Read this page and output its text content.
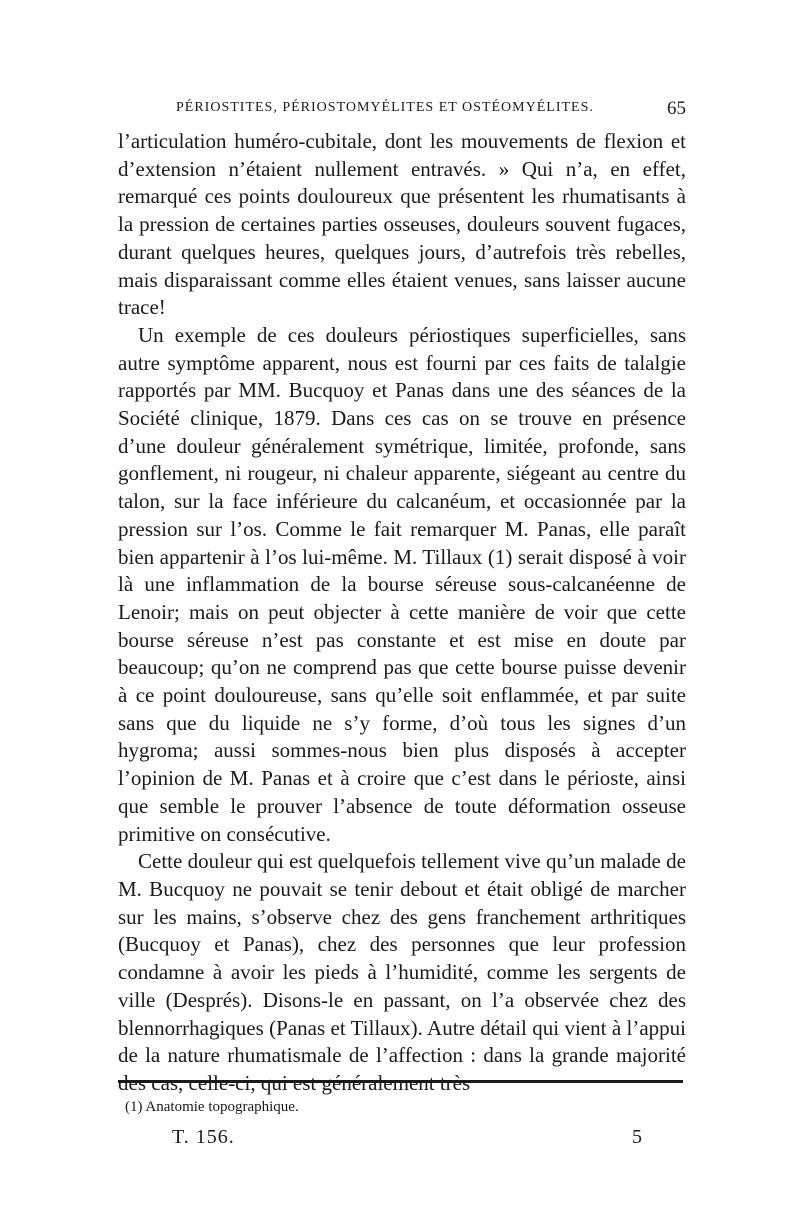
PÉRIOSTITES, PÉRIOSTOMYÉLITES ET OSTÉOMYÉLITES.	65

l’articulation huméro-cubitale, dont les mouvements de flexion et d’extension n’étaient nullement entravés. » Qui n’a, en effet, remarqué ces points douloureux que présentent les rhumatisants à la pression de certaines parties osseuses, douleurs souvent fugaces, durant quelques heures, quelques jours, d’autrefois très rebelles, mais disparaissant comme elles étaient venues, sans laisser aucune trace!

Un exemple de ces douleurs périostiques superficielles, sans autre symptôme apparent, nous est fourni par ces faits de talalgie rapportés par MM. Bucquoy et Panas dans une des séances de la Société clinique, 1879. Dans ces cas on se trouve en présence d’une douleur généralement symétrique, limitée, profonde, sans gonflement, ni rougeur, ni chaleur apparente, siégeant au centre du talon, sur la face inférieure du calcanéum, et occasionnée par la pression sur l’os. Comme le fait remarquer M. Panas, elle paraît bien appartenir à l’os lui-même. M. Tillaux (1) serait disposé à voir là une inflammation de la bourse séreuse sous-calcanéenne de Lenoir; mais on peut objecter à cette manière de voir que cette bourse séreuse n’est pas constante et est mise en doute par beaucoup; qu’on ne comprend pas que cette bourse puisse devenir à ce point douloureuse, sans qu’elle soit enflammée, et par suite sans que du liquide ne s’y forme, d’où tous les signes d’un hygroma; aussi sommes-nous bien plus disposés à accepter l’opinion de M. Panas et à croire que c’est dans le périoste, ainsi que semble le prouver l’absence de toute déformation osseuse primitive on consécutive.

Cette douleur qui est quelquefois tellement vive qu’un malade de M. Bucquoy ne pouvait se tenir debout et était obligé de marcher sur les mains, s’observe chez des gens franchement arthritiques (Bucquoy et Panas), chez des personnes que leur profession condamne à avoir les pieds à l’humidité, comme les sergents de ville (Després). Disons-le en passant, on l’a observée chez des blennorrhagiques (Panas et Tillaux). Autre détail qui vient à l’appui de la nature rhumatismale de l’affection : dans la grande majorité

(1) Anatomie topographique.
T. 156.	5
